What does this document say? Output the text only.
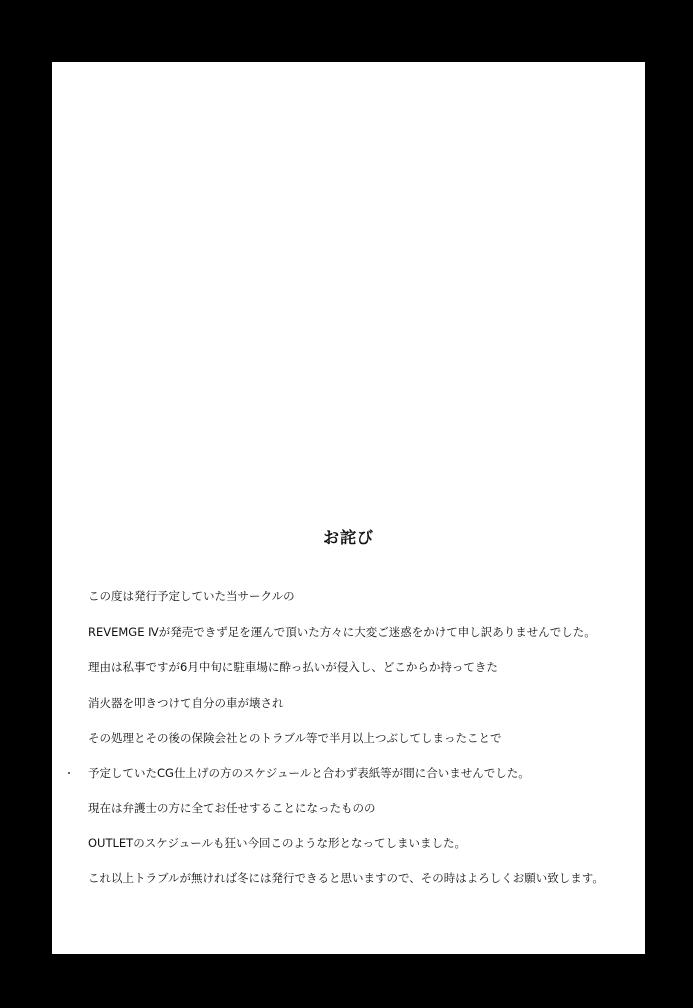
お詫び
この度は発行予定していた当サークルの
REVEMGE Ⅳが発売できず足を運んで頂いた方々に大変ご迷惑をかけて申し訳ありませんでした。
理由は私事ですが6月中旬に駐車場に酔っ払いが侵入し、どこからか持ってきた
消火器を叩きつけて自分の車が壊され
その処理とその後の保険会社とのトラブル等で半月以上つぶしてしまったことで
予定していたCG仕上げの方のスケジュールと合わず表紙等が間に合いませんでした。
現在は弁護士の方に全てお任せすることになったものの
OUTLETのスケジュールも狂い今回このような形となってしまいました。
これ以上トラブルが無ければ冬には発行できると思いますので、その時はよろしくお願い致します。
